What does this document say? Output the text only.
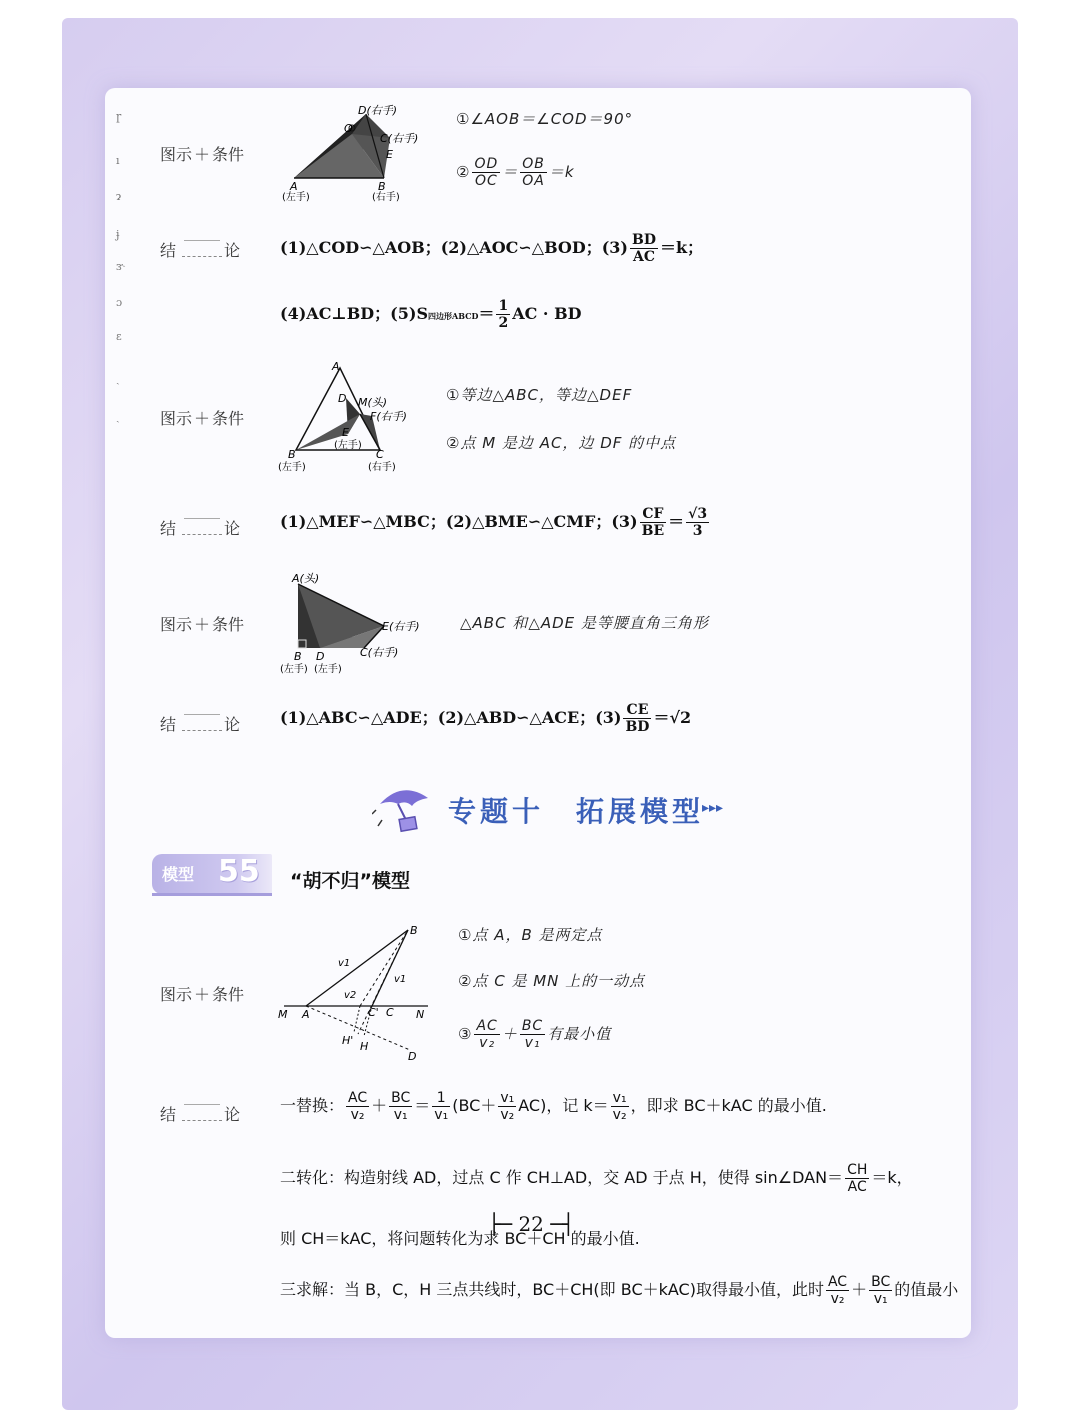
ɼ
ı
ɂ
ɉ
ɝ
ɔ
ɛ
ˎ
ˏ
图示 ＋ 条件
D(右手)
O
C(右手)
E
A
(左手)
B
(右手)
①∠AOB＝∠COD＝90°
② $\frac{OD}{OC} = \frac{OB}{OA} =k$
结	论 (1)△COD∽△AOB；(2)△AOC∽△BOD；$(3) \frac{BD}{AC} =k$；
(4)AC⊥BD；(5)S四边形ABCD＝ $\frac{1}{2}$ AC · BD
图示 ＋ 条件
A
D M(头)
F(右手)
E
(左手)
B
(左手)
C
(右手)
①等边△ABC，等边△DEF
②点 M 是边 AC，边 DF 的中点
结	论 (1)△MEF∽△MBC；(2)△BME∽△CMF；$(3) \frac{CF}{BE} = \frac{√3}{3}$
图示 ＋ 条件
A(头)
E(右手)
B D	C(右手)
(左手) (左手)
△ABC 和△ADE 是等腰直角三角形
结	论 (1)△ABC∽△ADE；(2)△ABD∽△ACE；$(3) \frac{CE}{BD} =√2$
专题十　拓展模型
▸▸▸
模型 55 “胡不归”模型
图示 ＋ 条件
B
v1
v1
v2
M A	C' C N
H' H
D
①点 A，B 是两定点
②点 C 是 MN 上的一动点
③ $\frac{AC}{\text{v₂}} + \frac{BC}{\text{v₁}}$ 有最小值
结	论 一替换： $\frac{AC}{\text{v₂}} + \frac{BC}{\text{v₁}} = \frac{1}{\text{v₁}} (BC+ \frac{\text{v₁}}{\text{v₂}} AC)$，记 $k= \frac{\text{v₁}}{\text{v₂}}$ ，即求 BC＋kAC 的最小值.
二转化：构造射线 AD，过点 C 作 CH⊥AD，交 AD 于点 H，使得 sin∠DAN＝ $\frac{CH}{AC} =k$，
则 CH＝kAC，将问题转化为求 BC＋CH 的最小值.
三求解：当 B，C，H 三点共线时，BC＋CH(即 BC＋kAC)取得最小值，此时 $\frac{AC}{\text{v₂}} + \frac{BC}{\text{v₁}}$ 的值最小
├─ 22 ─┤
